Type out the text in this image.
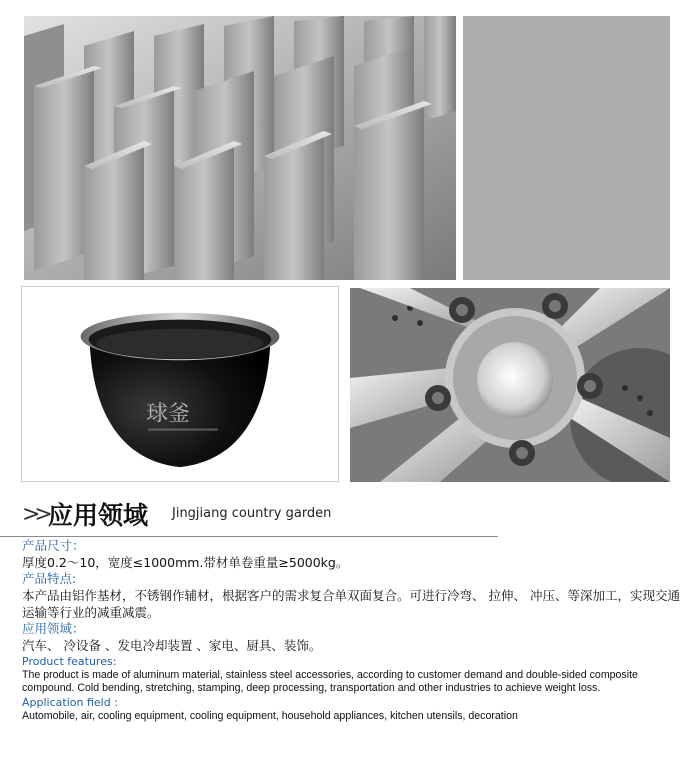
球釜
>> 应用领域 Jingjiang country garden
产品尺寸：
厚度0.2～10，宽度≤1000mm.带材单卷重量≥5000kg。
产品特点:
本产品由铝作基材，不锈钢作辅材，根据客户的需求复合单双面复合。可进行冷弯、 拉伸、 冲压、等深加工，实现交通运输等行业的减重减震。
应用领域：
汽车、 冷设备 、发电冷却装置 、家电、厨具、装饰。
Product features:
The product is made of aluminum material, stainless steel accessories, according to customer demand and double-sided composite compound. Cold bending, stretching, stamping, deep processing, transportation and other industries to achieve weight loss.
Application field :
Automobile, air, cooling equipment, cooling equipment, household appliances, kitchen utensils, decoration
